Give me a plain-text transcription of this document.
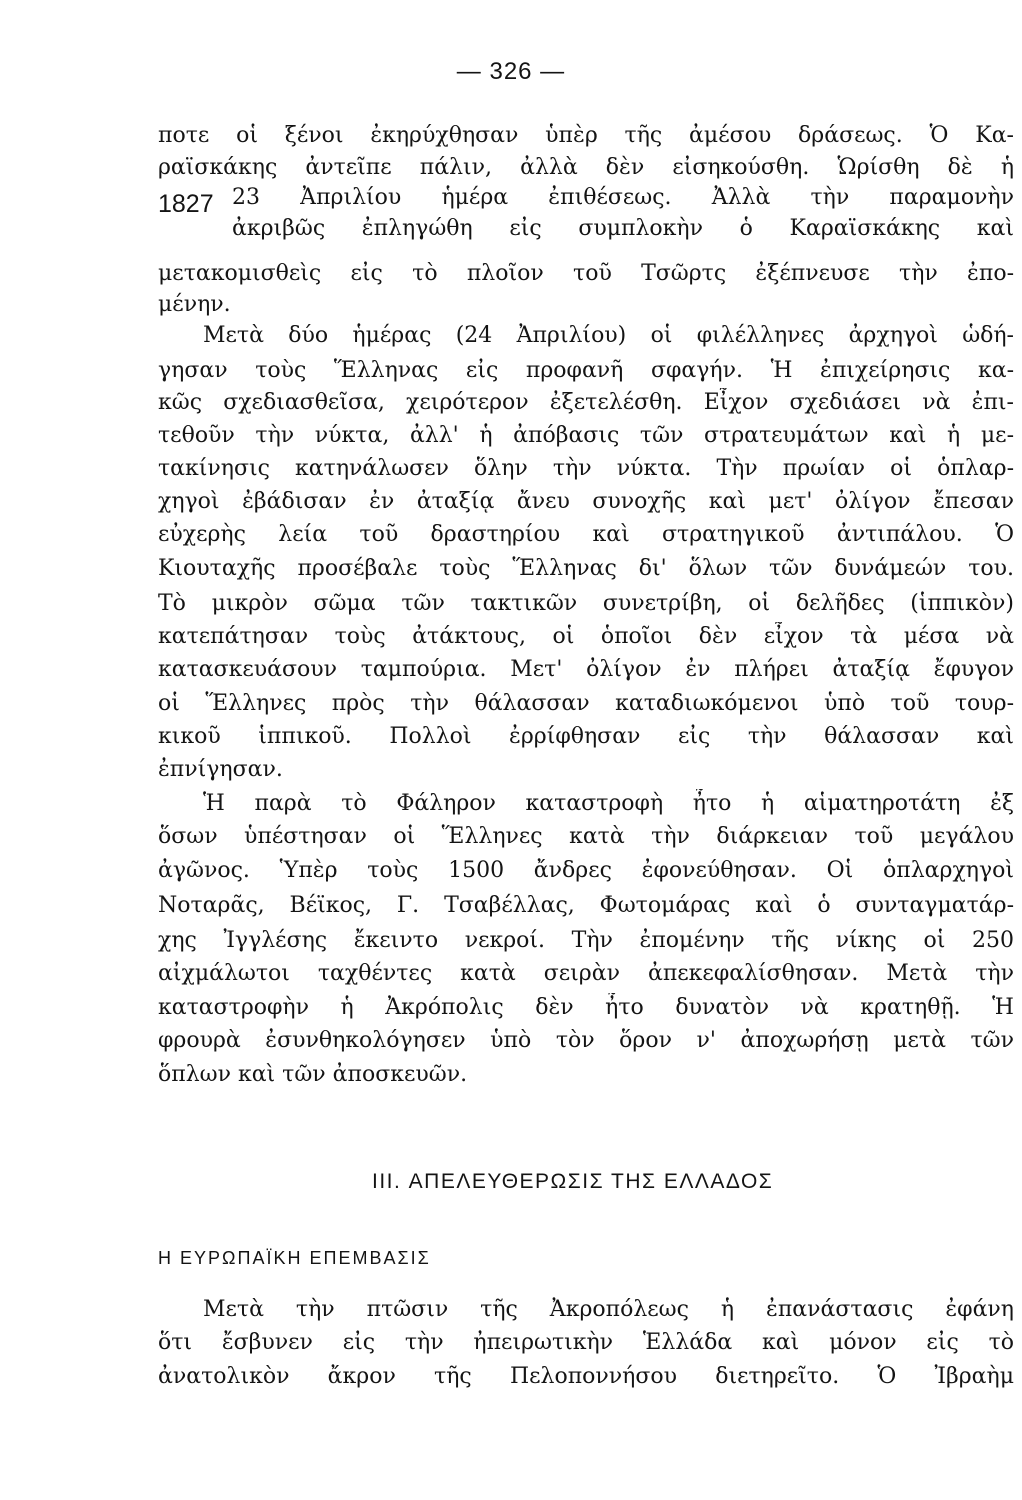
— 326 —
1827
ποτε οἱ ξένοι ἐκηρύχθησαν ὑπὲρ τῆς ἀμέσου δράσεως. Ὁ Κα-
ραϊσκάκης ἀντεῖπε πάλιν, ἀλλὰ δὲν εἰσηκούσθη. Ὡρίσθη δὲ ἡ
23 Ἀπριλίου ἡμέρα ἐπιθέσεως. Ἀλλὰ τὴν παραμονὴν
ἀκριβῶς ἐπληγώθη εἰς συμπλοκὴν ὁ Καραϊσκάκης καὶ
μετακομισθεὶς εἰς τὸ πλοῖον τοῦ Τσῶρτς ἐξέπνευσε τὴν ἐπο-
μένην.
Μετὰ δύο ἡμέρας (24 Ἀπριλίου) οἱ φιλέλληνες ἀρχηγοὶ ὡδή-
γησαν τοὺς Ἕλληνας εἰς προφανῆ σφαγήν. Ἡ ἐπιχείρησις κα-
κῶς σχεδιασθεῖσα, χειρότερον ἐξετελέσθη. Εἶχον σχεδιάσει νὰ ἐπι-
τεθοῦν τὴν νύκτα, ἀλλ' ἡ ἀπόβασις τῶν στρατευμάτων καὶ ἡ με-
τακίνησις κατηνάλωσεν ὅλην τὴν νύκτα. Τὴν πρωίαν οἱ ὁπλαρ-
χηγοὶ ἐβάδισαν ἐν ἀταξίᾳ ἄνευ συνοχῆς καὶ μετ' ὀλίγον ἔπεσαν
εὐχερὴς λεία τοῦ δραστηρίου καὶ στρατηγικοῦ ἀντιπάλου. Ὁ
Κιουταχῆς προσέβαλε τοὺς Ἕλληνας δι' ὅλων τῶν δυνάμεών του.
Τὸ μικρὸν σῶμα τῶν τακτικῶν συνετρίβη, οἱ δελῆδες (ἱππικὸν)
κατεπάτησαν τοὺς ἀτάκτους, οἱ ὁποῖοι δὲν εἶχον τὰ μέσα νὰ
κατασκευάσουν ταμπούρια. Μετ' ὀλίγον ἐν πλήρει ἀταξίᾳ ἔφυγον
οἱ Ἕλληνες πρὸς τὴν θάλασσαν καταδιωκόμενοι ὑπὸ τοῦ τουρ-
κικοῦ ἱππικοῦ. Πολλοὶ ἐρρίφθησαν εἰς τὴν θάλασσαν καὶ
ἐπνίγησαν.
Ἡ παρὰ τὸ Φάληρον καταστροφὴ ἦτο ἡ αἱματηροτάτη ἐξ
ὅσων ὑπέστησαν οἱ Ἕλληνες κατὰ τὴν διάρκειαν τοῦ μεγάλου
ἀγῶνος. Ὑπὲρ τοὺς 1500 ἄνδρες ἐφονεύθησαν. Οἱ ὁπλαρχηγοὶ
Νοταρᾶς, Βέϊκος, Γ. Τσαβέλλας, Φωτομάρας καὶ ὁ συνταγματάρ-
χης Ἰγγλέσης ἔκειντο νεκροί. Τὴν ἐπομένην τῆς νίκης οἱ 250
αἰχμάλωτοι ταχθέντες κατὰ σειρὰν ἀπεκεφαλίσθησαν. Μετὰ τὴν
καταστροφὴν ἡ Ἀκρόπολις δὲν ἦτο δυνατὸν νὰ κρατηθῇ. Ἡ
φρουρὰ ἐσυνθηκολόγησεν ὑπὸ τὸν ὅρον ν' ἀποχωρήσῃ μετὰ τῶν
ὅπλων καὶ τῶν ἀποσκευῶν.
III. ΑΠΕΛΕΥΘΕΡΩΣΙΣ ΤΗΣ ΕΛΛΑΔΟΣ
Η ΕΥΡΩΠΑΪΚΗ ΕΠΕΜΒΑΣΙΣ
Μετὰ τὴν πτῶσιν τῆς Ἀκροπόλεως ἡ ἐπανάστασις ἐφάνη
ὅτι ἔσβυνεν εἰς τὴν ἠπειρωτικὴν Ἑλλάδα καὶ μόνον εἰς τὸ
ἀνατολικὸν ἄκρον τῆς Πελοποννήσου διετηρεῖτο. Ὁ Ἰβραὴμ
